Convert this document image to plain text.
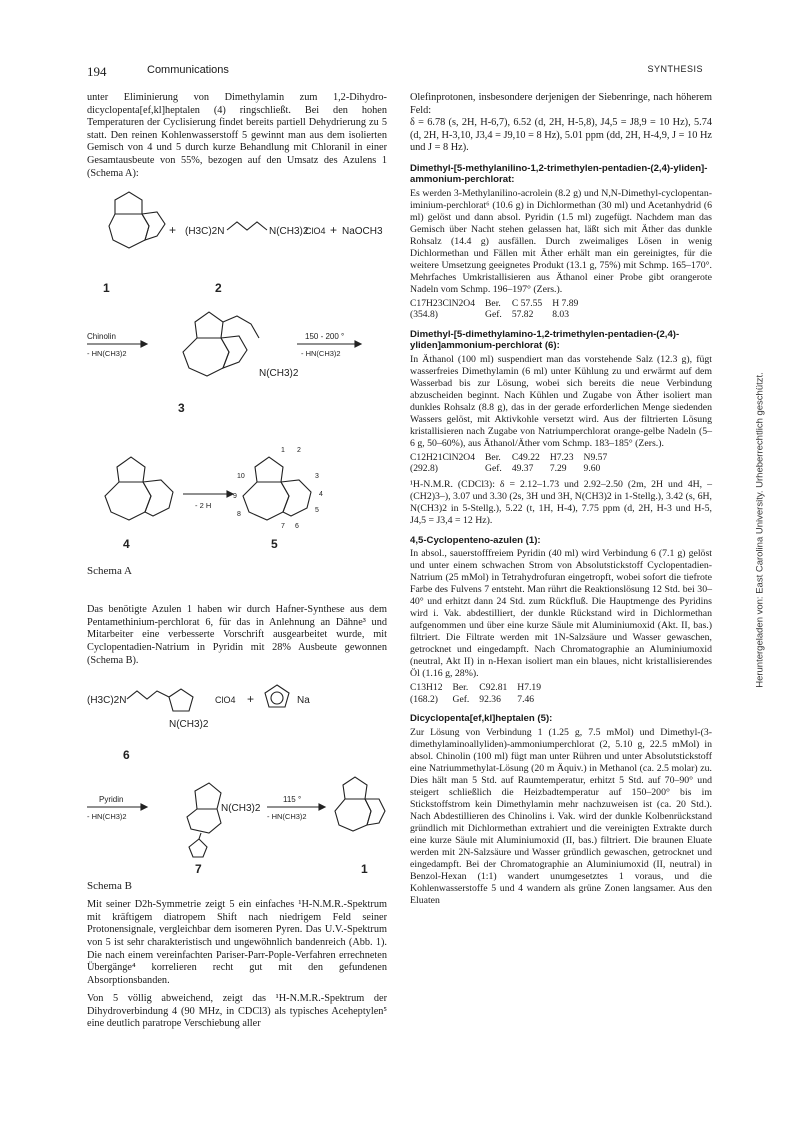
194	Communications	SYNTHESIS

unter Eliminierung von Dimethylamin zum 1,2-Dihydro-dicyclopenta[ef,kl]heptalen (4) ringschließt. Bei den hohen Temperaturen der Cyclisierung findet bereits partiell Dehydrierung zu 5 statt. Den reinen Kohlenwasserstoff 5 gewinnt man aus dem isolierten Gemisch von 4 und 5 durch kurze Behandlung mit Chloranil in einer Gesamtausbeute von 55%, bezogen auf den Umsatz des Azulens 1 (Schema A):

+ (H3C)2N	N(CH3)2
ClO4 + NaOCH3
1	2
Chinolin
- HN(CH3)2
N(CH3)2
150 - 200 °
- HN(CH3)2
3
- 2 H
1 2
3
4
5
6
7
8
9
10
4	5
Schema A

Das benötigte Azulen 1 haben wir durch Hafner-Synthese aus dem Pentamethinium-perchlorat 6, für das in Anlehnung an Dähne³ und Mitarbeiter eine verbesserte Vorschrift ausgearbeitet wurde, mit Cyclopentadien-Natrium in Pyridin mit 28% Ausbeute gewonnen (Schema B).

(H3C)2N
N(CH3)2
ClO4 +	Na
6
Pyridin
- HN(CH3)2
N(CH3)2
115 °
- HN(CH3)2
7	1
Schema B

Mit seiner D2h-Symmetrie zeigt 5 ein einfaches ¹H-N.M.R.-Spektrum mit kräftigem diatropem Shift nach niedrigem Feld seiner Protonensignale, vergleichbar dem isomeren Pyren. Das U.V.-Spektrum von 5 ist sehr charakteristisch und ungewöhnlich bandenreich (Abb. 1). Die nach einem vereinfachten Pariser-Parr-Pople-Verfahren errechneten Übergänge⁴ korrelieren recht gut mit den gefundenen Absorptionsbanden.

Von 5 völlig abweichend, zeigt das ¹H-N.M.R.-Spektrum der Dihydroverbindung 4 (90 MHz, in CDCl3) als typisches Aceheptylen⁵ eine deutlich paratrope Verschiebung aller

Olefinprotonen, insbesondere derjenigen der Siebenringe, nach höherem Feld:

δ = 6.78 (s, 2H, H-6,7), 6.52 (d, 2H, H-5,8), J4,5 = J8,9 = 10 Hz), 5.74 (d, 2H, H-3,10, J3,4 = J9,10 = 8 Hz), 5.01 ppm (dd, 2H, H-4,9, J = 10 Hz und J = 8 Hz).

Dimethyl-[5-methylanilino-1,2-trimethylen-pentadien-(2,4)-yliden]-ammonium-perchlorat:

Es werden 3-Methylanilino-acrolein (8.2 g) und N,N-Dimethyl-cyclopentan-iminium-perchlorat⁶ (10.6 g) in Dichlormethan (30 ml) und Acetanhydrid (6 ml) gelöst und dann absol. Pyridin (1.5 ml) zugefügt. Nachdem man das Gemisch über Nacht stehen gelassen hat, läßt sich mit Äther das dunkle Rohsalz (14.4 g) ausfällen. Durch zweimaliges Lösen in wenig Dichlormethan und Fällen mit Äther erhält man ein gereinigtes, für die weitere Umsetzung geeignetes Produkt (13.1 g, 75%) mit Schmp. 165–170°. Mehrfaches Umkristallisieren aus Äthanol einer Probe gibt orangerote Nadeln vom Schmp. 196–197° (Zers.).

C17H23ClN2O4	Ber.	C 57.55	H 7.89
(354.8)	Gef.	57.82	8.03
Dimethyl-[5-dimethylamino-1,2-trimethylen-pentadien-(2,4)-yliden]ammonium-perchlorat (6):

In Äthanol (100 ml) suspendiert man das vorstehende Salz (12.3 g), fügt wasserfreies Dimethylamin (6 ml) unter Kühlung zu und erwärmt auf dem Wasserbad bis zur Lösung, wobei sich bereits die neue Verbindung abzuscheiden beginnt. Nach Kühlen und Zugabe von Äther isoliert man dunkles Rohsalz (8.8 g), das in der gerade erforderlichen Menge siedenden Wassers gelöst, mit Aktivkohle versetzt wird. Aus der filtrierten Lösung kristallisieren nach Zugabe von Natriumperchlorat orange-gelbe Nadeln (5–6 g, 50–60%), aus Äthanol/Äther vom Schmp. 183–185° (Zers.).

C12H21ClN2O4	Ber.	C49.22	H7.23	N9.57
(292.8)	Gef.	49.37	7.29	9.60

¹H-N.M.R. (CDCl3): δ = 2.12–1.73 und 2.92–2.50 (2m, 2H und 4H, –(CH2)3–), 3.07 und 3.30 (2s, 3H und 3H, N(CH3)2 in 1-Stellg.), 3.42 (s, 6H, N(CH3)2 in 5-Stellg.), 5.22 (t, 1H, H-4), 7.75 ppm (d, 2H, H-3 und H-5, J4,5 = J3,4 = 12 Hz).

4,5-Cyclopenteno-azulen (1):

In absol., sauerstofffreiem Pyridin (40 ml) wird Verbindung 6 (7.1 g) gelöst und unter einem schwachen Strom von Absolutstickstoff Cyclopentadien-Natrium (25 mMol) in Tetrahydrofuran eingetropft, wobei sofort die tiefrote Farbe des Fulvens 7 entsteht. Man rührt die Reaktionslösung 12 Std. bei 30–40° und erhitzt dann 24 Std. zum Rückfluß. Die Hauptmenge des Pyridins wird i. Vak. abdestilliert, der dunkle Rückstand wird in Dichlormethan aufgenommen und über eine kurze Säule mit Aluminiumoxid (Akt. II, bas.) filtriert. Die Filtrate werden mit 1N-Salzsäure und Wasser gewaschen, getrocknet und eingedampft. Nach Chromatographie an Aluminiumoxid (neutral, Akt II) in n-Hexan isoliert man ein blaues, nicht kristallisierendes Öl (1.16 g, 28%).

C13H12	Ber.	C92.81	H7.19
(168.2)	Gef.	92.36	7.46
Dicyclopenta[ef,kl]heptalen (5):

Zur Lösung von Verbindung 1 (1.25 g, 7.5 mMol) und Dimethyl-(3-dimethylaminoallyliden)-ammoniumperchlorat (2, 5.10 g, 22.5 mMol) in absol. Chinolin (100 ml) fügt man unter Rühren und unter Absolutstickstoff eine Natriummethylat-Lösung (20 m Äquiv.) in Methanol (ca. 2.5 molar) zu. Dies hält man 5 Std. auf Raumtemperatur, erhitzt 5 Std. auf 70–90° und steigert schließlich die Heizbadtemperatur auf 150–200° bis im Stickstoffstrom kein Dimethylamin mehr nachzuweisen ist (ca. 20 Std.). Nach Abdestillieren des Chinolins i. Vak. wird der dunkle Kolbenrückstand gründlich mit Dichlormethan extrahiert und die vereinigten Extrakte durch eine kurze Säule mit Aluminiumoxid (II, bas.) filtriert. Die braunen Eluate werden mit 2N-Salzsäure und Wasser gründlich gewaschen, getrocknet und eingedampft. Bei der Chromatographie an Aluminiumoxid (II, neutral) in Benzol-Hexan (1:1) wandert unumgesetztes 1 voraus, und die Kohlenwasserstoffe 5 und 4 wandern als grüne Zonen langsamer. Aus den Eluaten

Heruntergeladen von: East Carolina University. Urheberrechtlich geschützt.
